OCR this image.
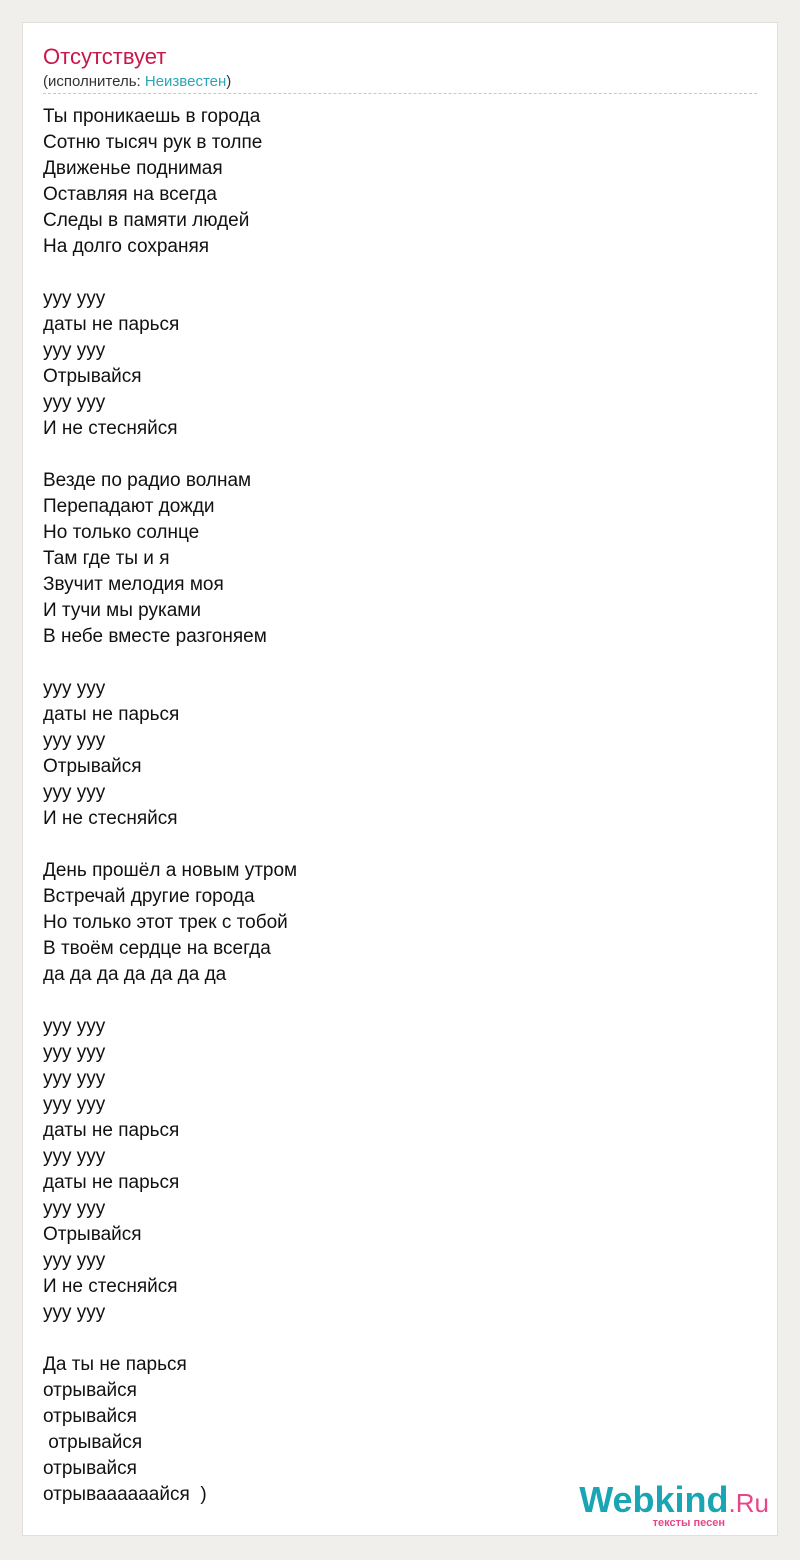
Отсутствует
(исполнитель: Неизвестен)
Ты проникаешь в города
Сотню тысяч рук в толпе
Движенье поднимая
Оставляя на всегда
Следы в памяти людей
На долго сохраняя
ууу ууу
даты не парься
ууу ууу
Отрывайся
ууу ууу
И не стесняйся
Везде по радио волнам
Перепадают дожди
Но только солнце
Там где ты и я
Звучит мелодия моя
И тучи мы руками
В небе вместе разгоняем
ууу ууу
даты не парься
ууу ууу
Отрывайся
ууу ууу
И не стесняйся
День прошёл а новым утром
Встречай другие города
Но только этот трек с тобой
В твоём сердце на всегда
да да да да да да да
ууу ууу
ууу ууу
ууу ууу
ууу ууу
даты не парься
ууу ууу
даты не парься
ууу ууу
Отрывайся
ууу ууу
И не стесняйся
ууу ууу
Да ты не парься
отрывайся
отрывайся
отрывайся
отрывайся
отрываааааайся  )	Webkind.Ru
тексты песен
